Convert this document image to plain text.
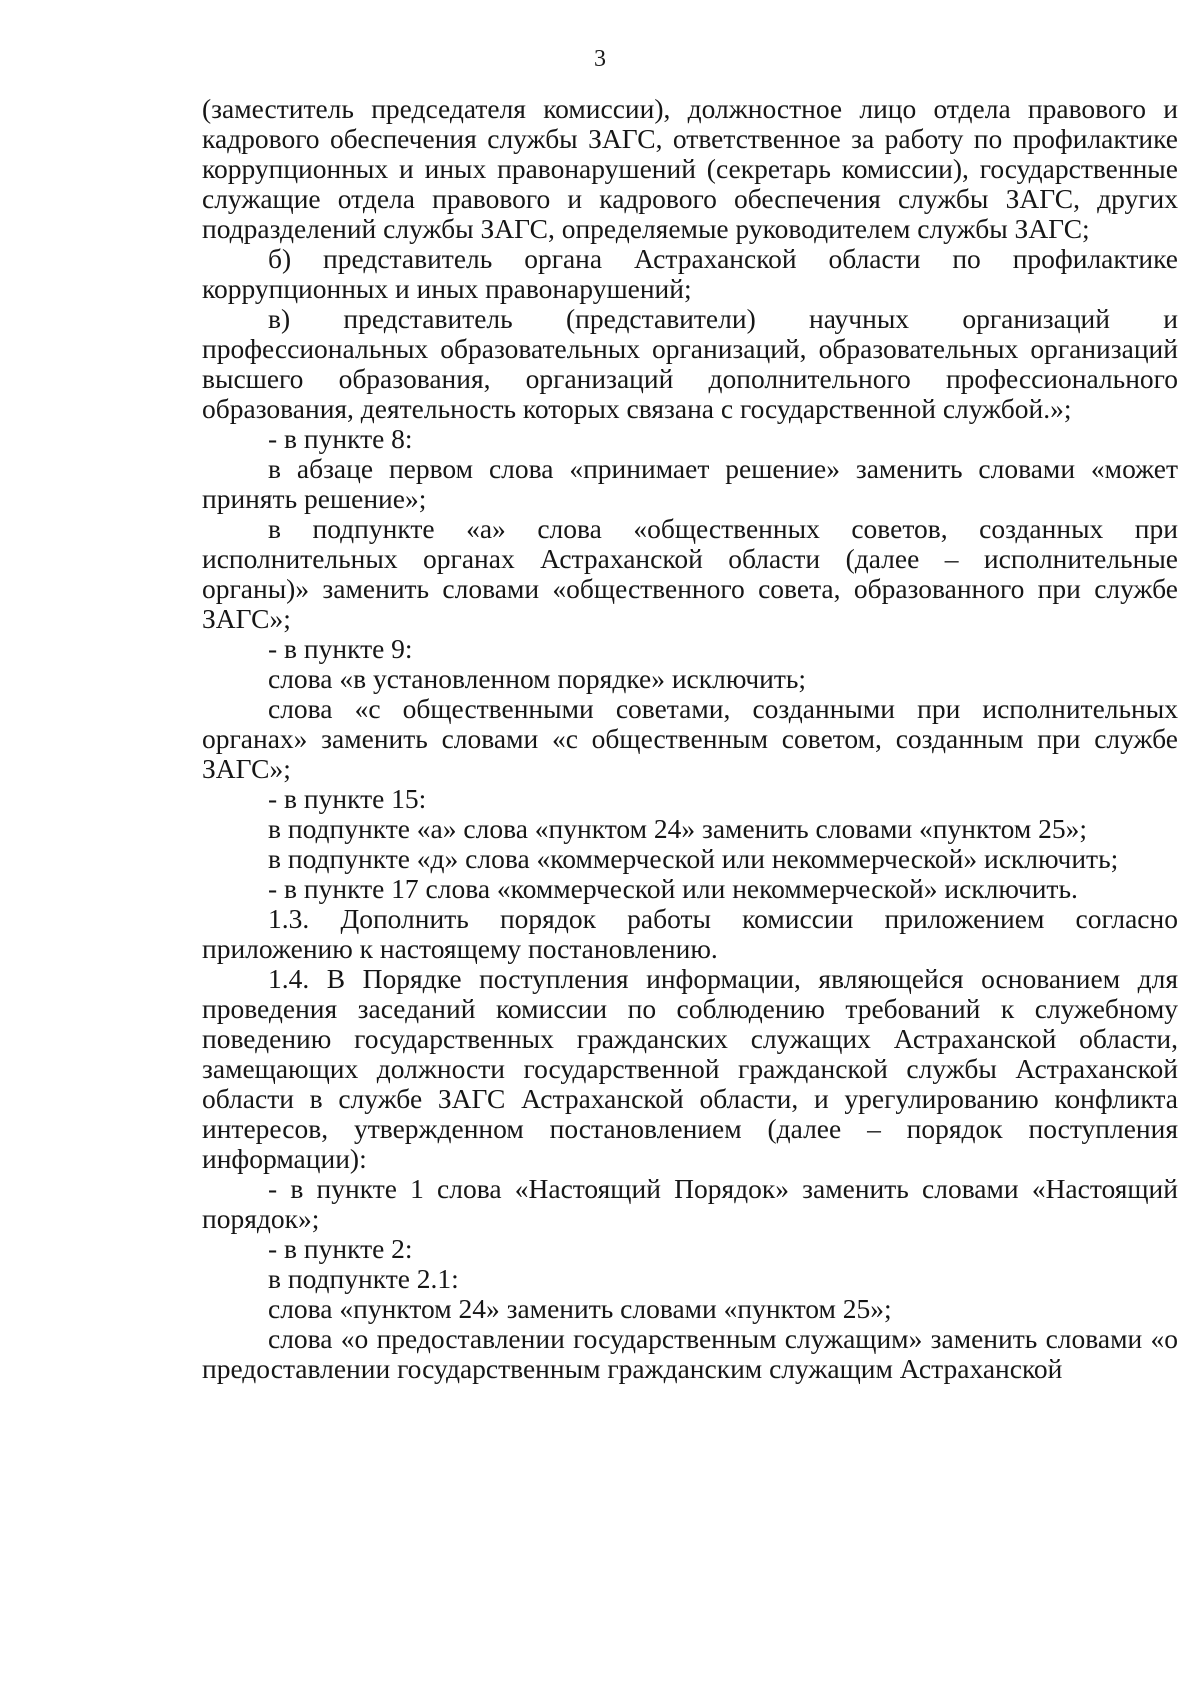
3

(заместитель председателя комиссии), должностное лицо отдела правового и кадрового обеспечения службы ЗАГС, ответственное за работу по профилактике коррупционных и иных правонарушений (секретарь комиссии), государственные служащие отдела правового и кадрового обеспечения службы ЗАГС, других подразделений службы ЗАГС, определяемые руководителем службы ЗАГС;

б) представитель органа Астраханской области по профилактике коррупционных и иных правонарушений;

в) представитель (представители) научных организаций и профессиональных образовательных организаций, образовательных организаций высшего образования, организаций дополнительного профессионального образования, деятельность которых связана с государственной службой.»;

- в пункте 8:

в абзаце первом слова «принимает решение» заменить словами «может принять решение»;

в подпункте «а» слова «общественных советов, созданных при исполнительных органах Астраханской области (далее – исполнительные органы)» заменить словами «общественного совета, образованного при службе ЗАГС»;

- в пункте 9:

слова «в установленном порядке» исключить;

слова «с общественными советами, созданными при исполнительных органах» заменить словами «с общественным советом, созданным при службе ЗАГС»;

- в пункте 15:

в подпункте «а» слова «пунктом 24» заменить словами «пунктом 25»;

в подпункте «д» слова «коммерческой или некоммерческой» исключить;

- в пункте 17 слова «коммерческой или некоммерческой» исключить.

1.3. Дополнить порядок работы комиссии приложением согласно приложению к настоящему постановлению.

1.4. В Порядке поступления информации, являющейся основанием для проведения заседаний комиссии по соблюдению требований к служебному поведению государственных гражданских служащих Астраханской области, замещающих должности государственной гражданской службы Астраханской области в службе ЗАГС Астраханской области, и урегулированию конфликта интересов, утвержденном постановлением (далее – порядок поступления информации):

- в пункте 1 слова «Настоящий Порядок» заменить словами «Настоящий порядок»;

- в пункте 2:

в подпункте 2.1:

слова «пунктом 24» заменить словами «пунктом 25»;

слова «о предоставлении государственным служащим» заменить словами «о предоставлении государственным гражданским служащим Астраханской
